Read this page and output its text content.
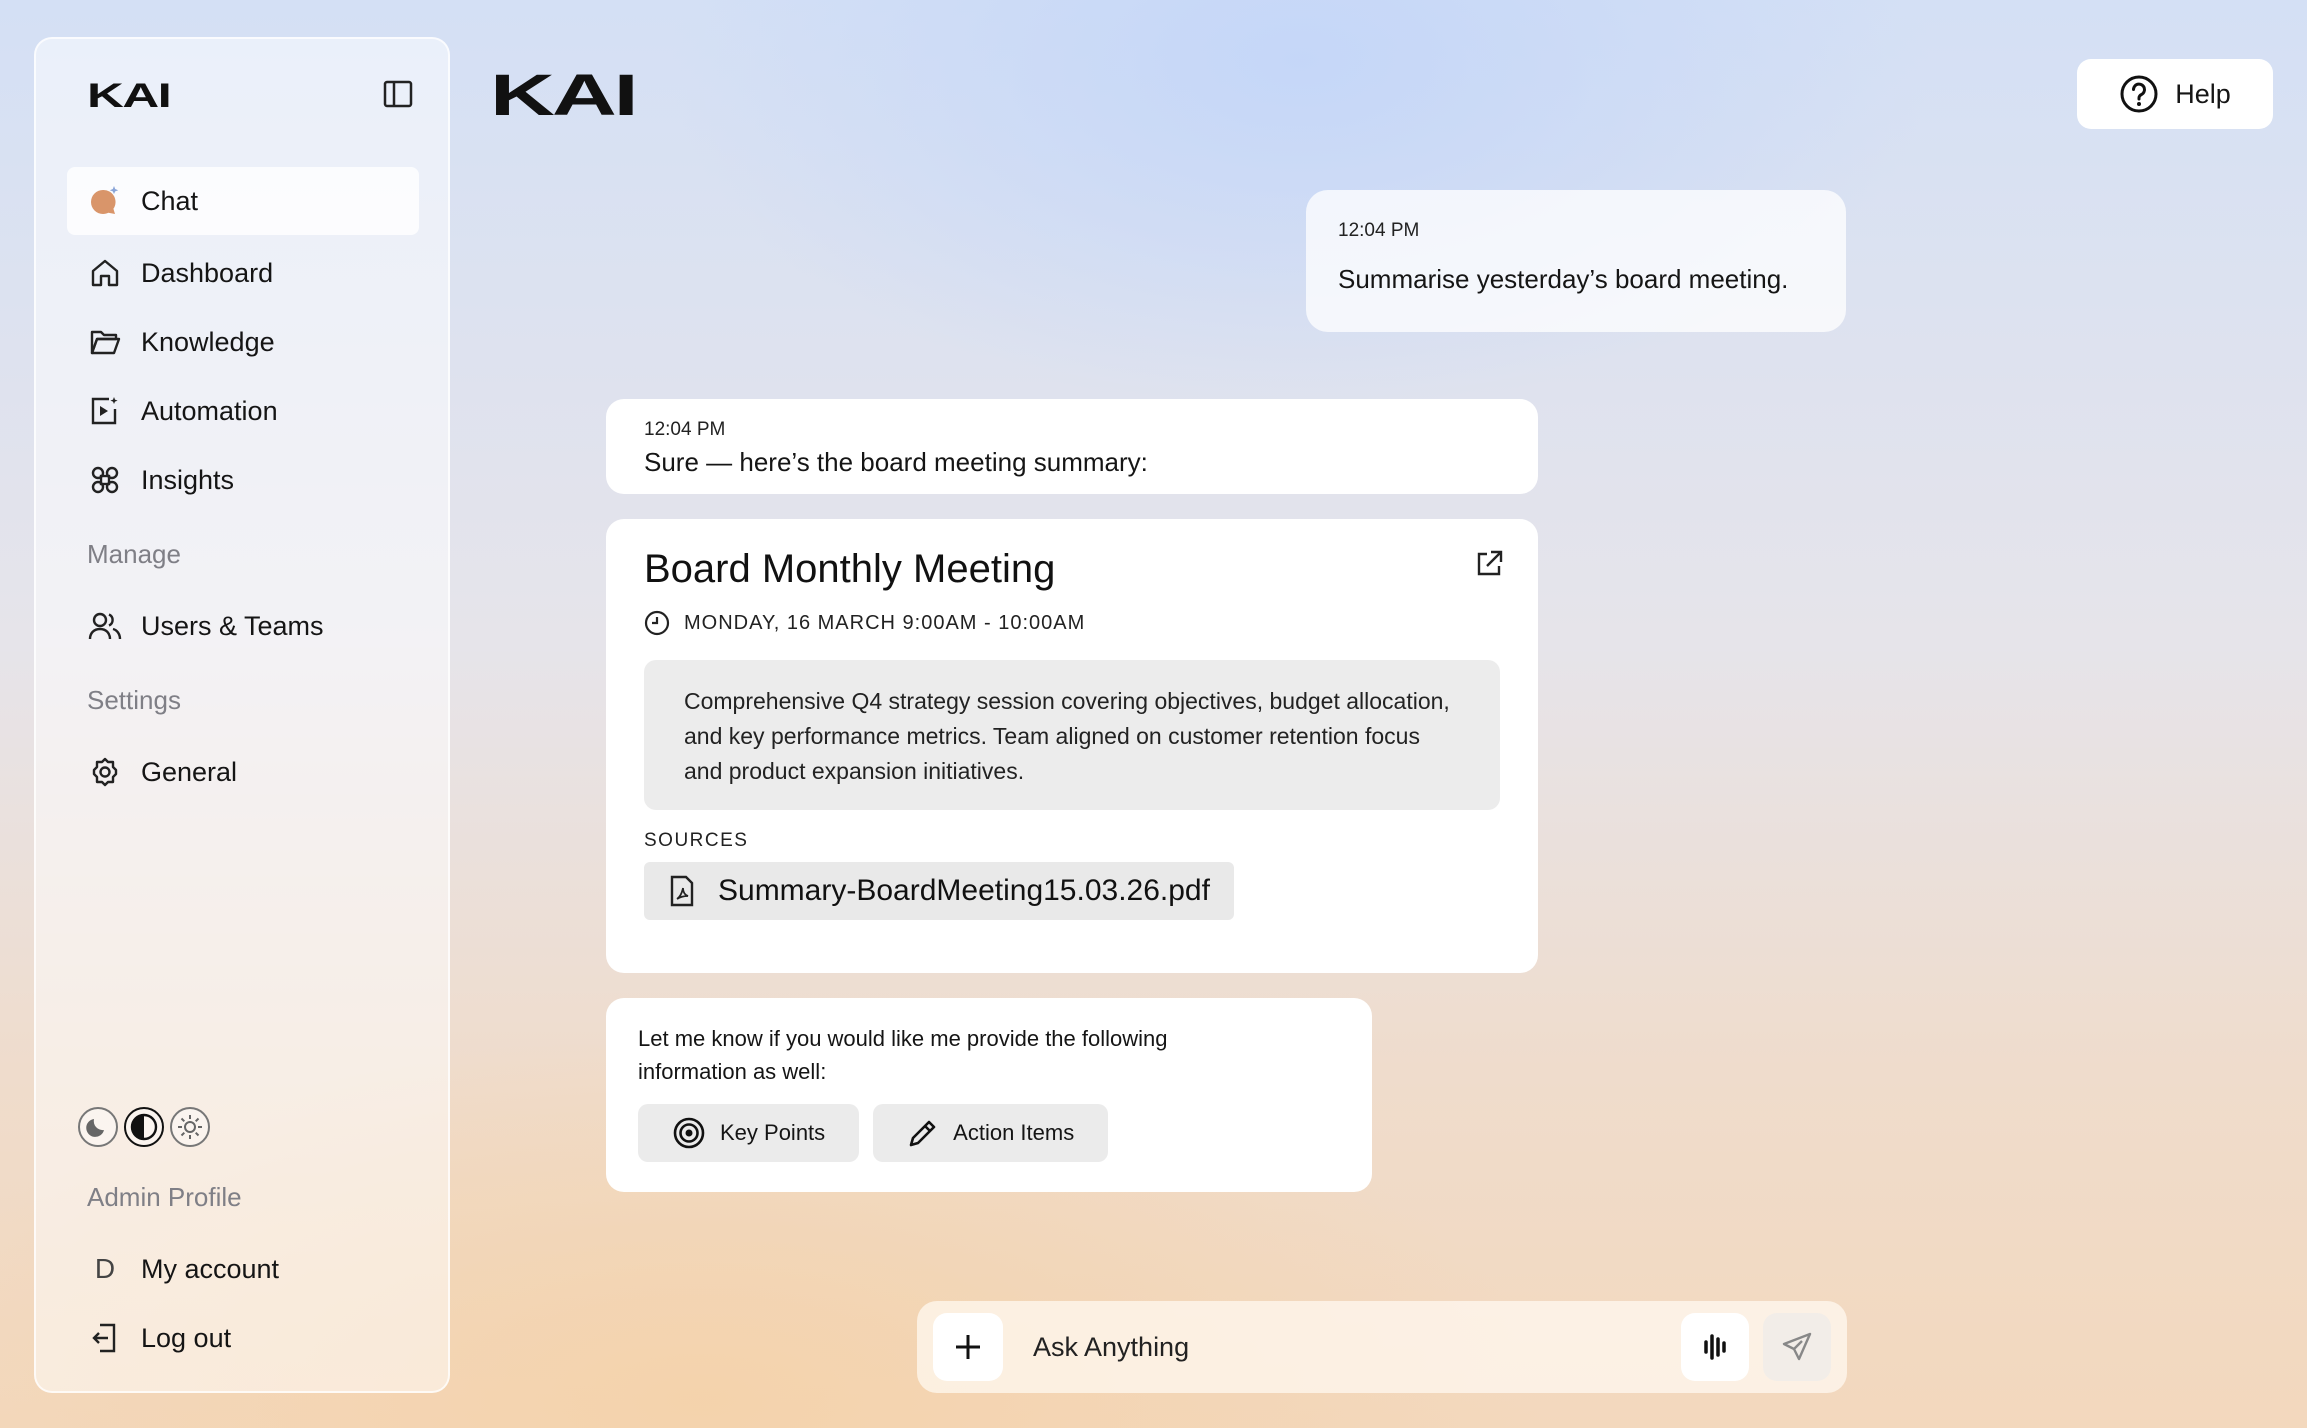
KAI
Chat
Dashboard
Knowledge
Automation
Insights
Manage
Users & Teams
Settings
General
Admin Profile
D My account
Log out
KAI	Help
12:04 PM
Summarise yesterday’s board meeting.
12:04 PM
Sure — here’s the board meeting summary:
Board Monthly Meeting
MONDAY, 16 MARCH 9:00AM - 10:00AM
Comprehensive Q4 strategy session covering objectives, budget allocation, and key performance metrics. Team aligned on customer retention focus and product expansion initiatives.
SOURCES
Summary-BoardMeeting15.03.26.pdf
Let me know if you would like me provide the following information as well:
Key Points	Action Items
Ask Anything
